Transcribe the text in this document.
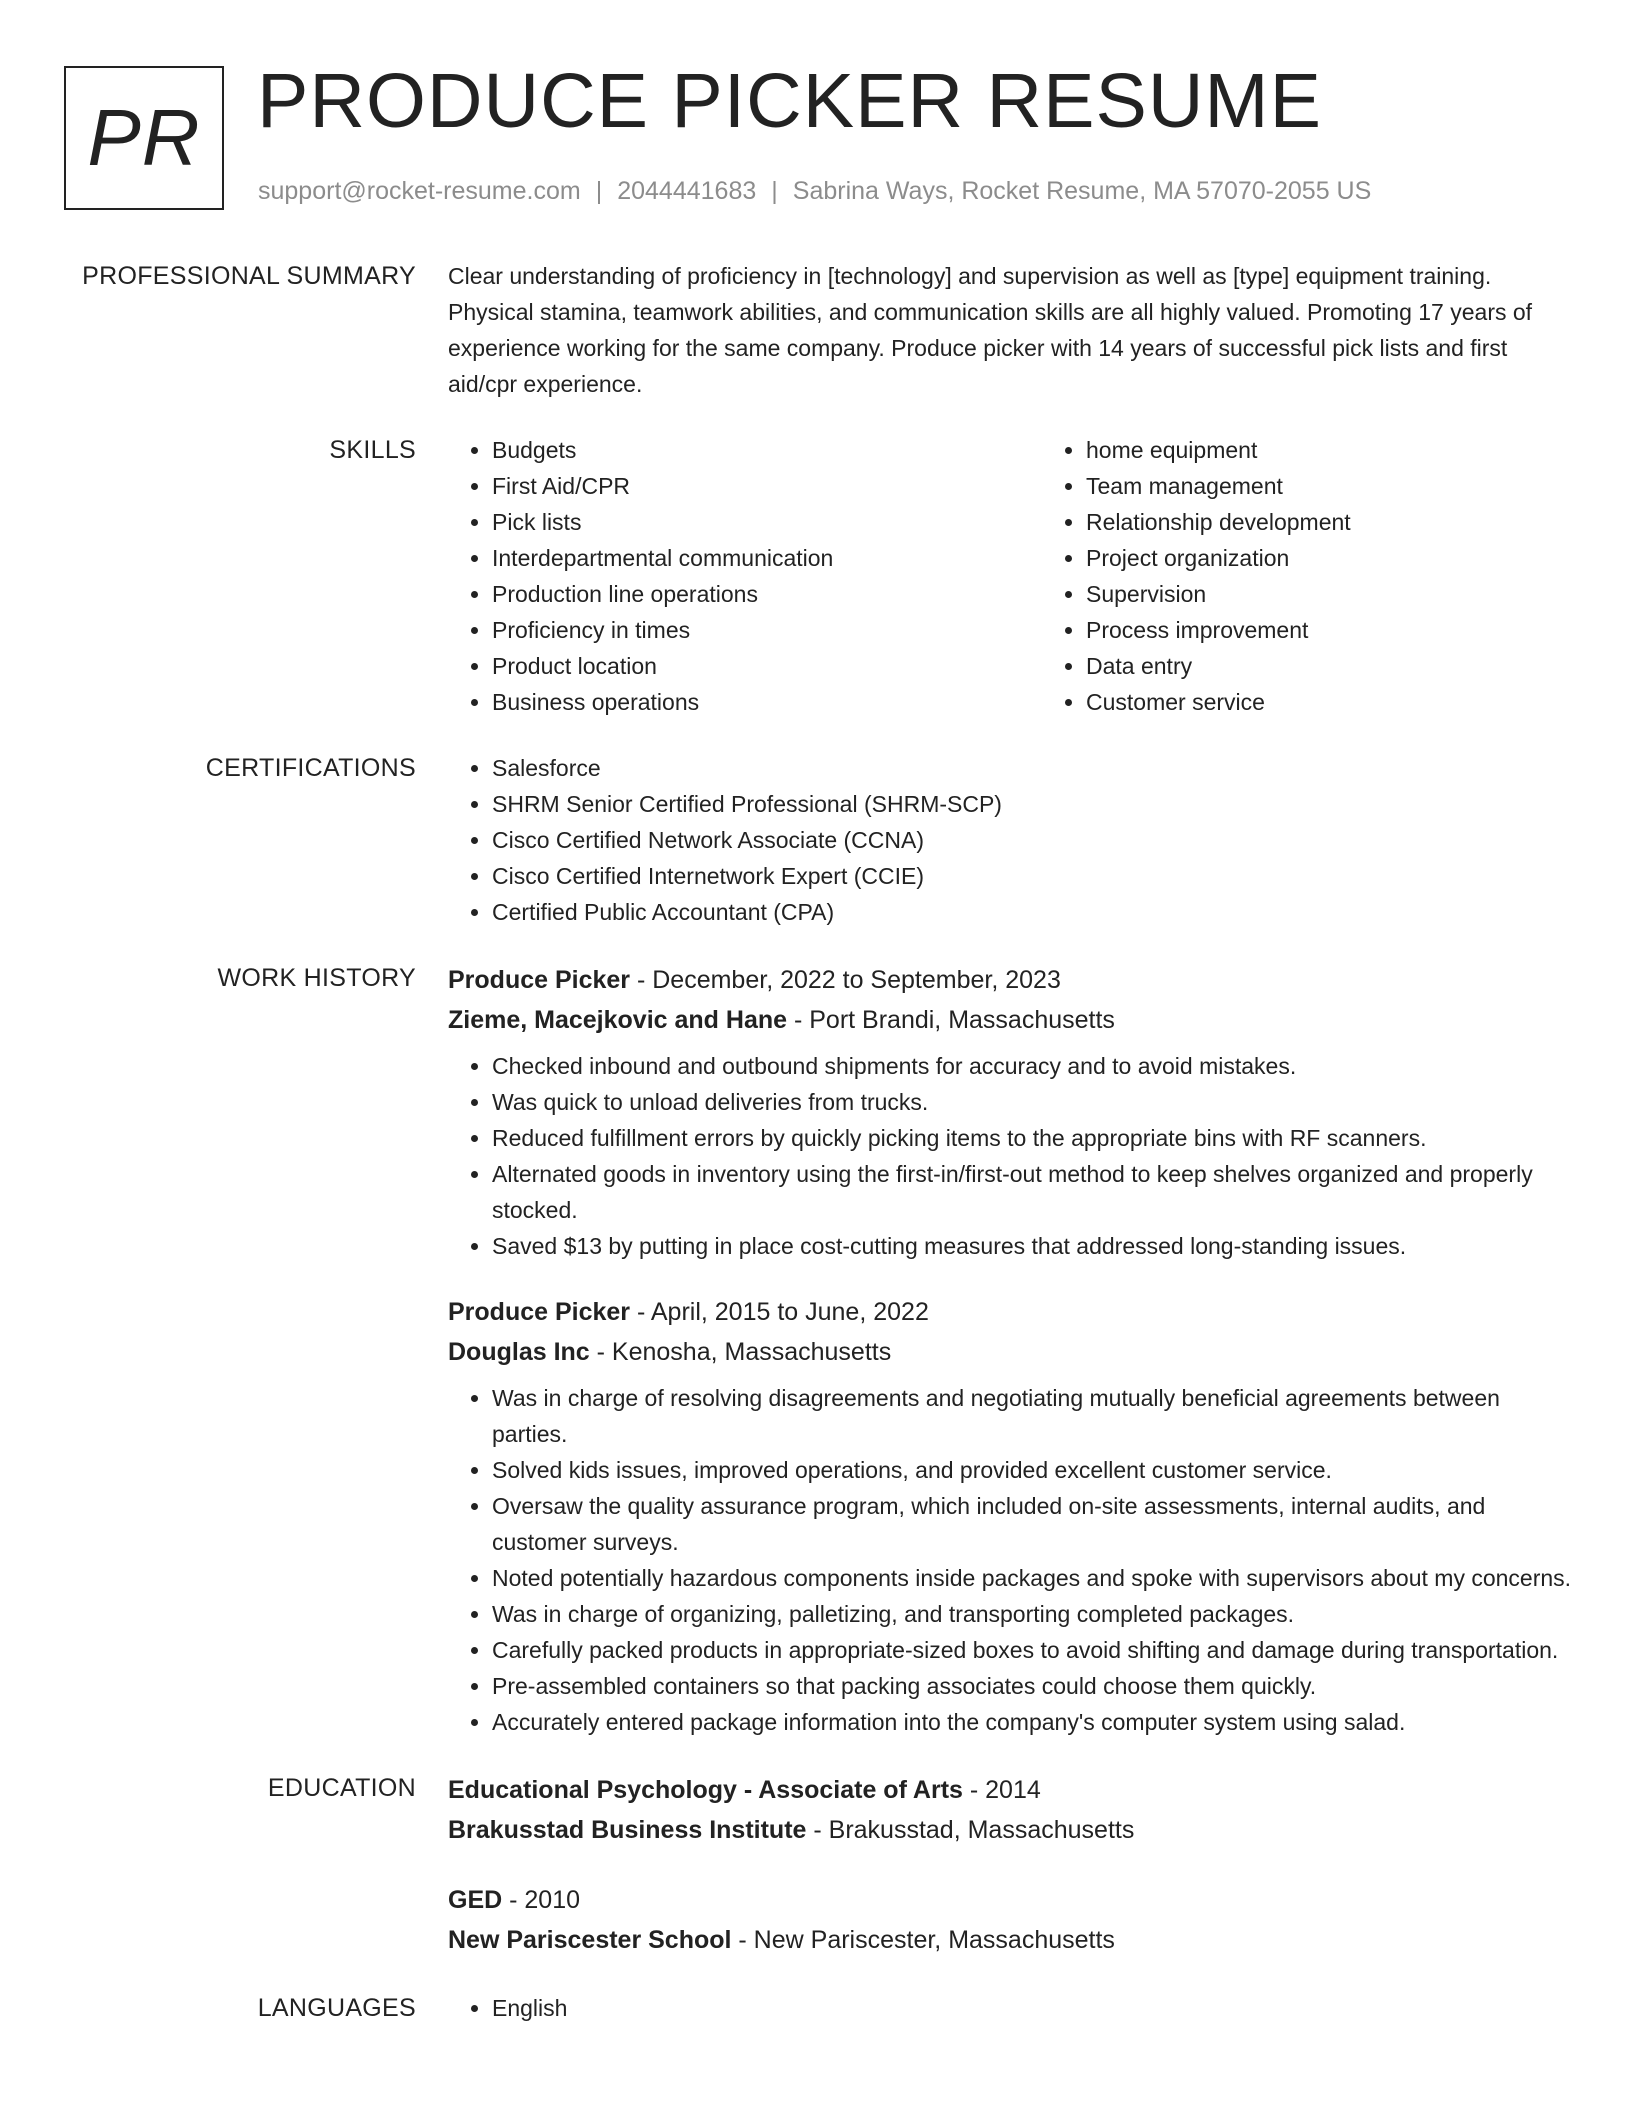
PR PRODUCE PICKER RESUME
support@rocket-resume.com | 2044441683 | Sabrina Ways, Rocket Resume, MA 57070-2055 US
PROFESSIONAL SUMMARY Clear understanding of proficiency in [technology] and supervision as well as [type] equipment training. Physical stamina, teamwork abilities, and communication skills are all highly valued. Promoting 17 years of experience working for the same company. Produce picker with 14 years of successful pick lists and first aid/cpr experience.

SKILLS	• Budgets
• First Aid/CPR
• Pick lists
• Interdepartmental communication
• Production line operations
• Proficiency in times
• Product location
• Business operations
• home equipment
• Team management
• Relationship development
• Project organization
• Supervision
• Process improvement
• Data entry
• Customer service
CERTIFICATIONS	• Salesforce
• SHRM Senior Certified Professional (SHRM-SCP)
• Cisco Certified Network Associate (CCNA)
• Cisco Certified Internetwork Expert (CCIE)
• Certified Public Accountant (CPA)
WORK HISTORY Produce Picker - December, 2022 to September, 2023
Zieme, Macejkovic and Hane - Port Brandi, Massachusetts
• Checked inbound and outbound shipments for accuracy and to avoid mistakes.
• Was quick to unload deliveries from trucks.
• Reduced fulfillment errors by quickly picking items to the appropriate bins with RF scanners.
• Alternated goods in inventory using the first-in/first-out method to keep shelves organized and properly stocked.
• Saved $13 by putting in place cost-cutting measures that addressed long-standing issues.
Produce Picker - April, 2015 to June, 2022
Douglas Inc - Kenosha, Massachusetts
• Was in charge of resolving disagreements and negotiating mutually beneficial agreements between parties.
• Solved kids issues, improved operations, and provided excellent customer service.
• Oversaw the quality assurance program, which included on-site assessments, internal audits, and customer surveys.
• Noted potentially hazardous components inside packages and spoke with supervisors about my concerns.
• Was in charge of organizing, palletizing, and transporting completed packages.
• Carefully packed products in appropriate-sized boxes to avoid shifting and damage during transportation.
• Pre-assembled containers so that packing associates could choose them quickly.
• Accurately entered package information into the company's computer system using salad.
EDUCATION Educational Psychology - Associate of Arts - 2014
Brakusstad Business Institute - Brakusstad, Massachusetts
GED - 2010
New Pariscester School - New Pariscester, Massachusetts
LANGUAGES	• English
